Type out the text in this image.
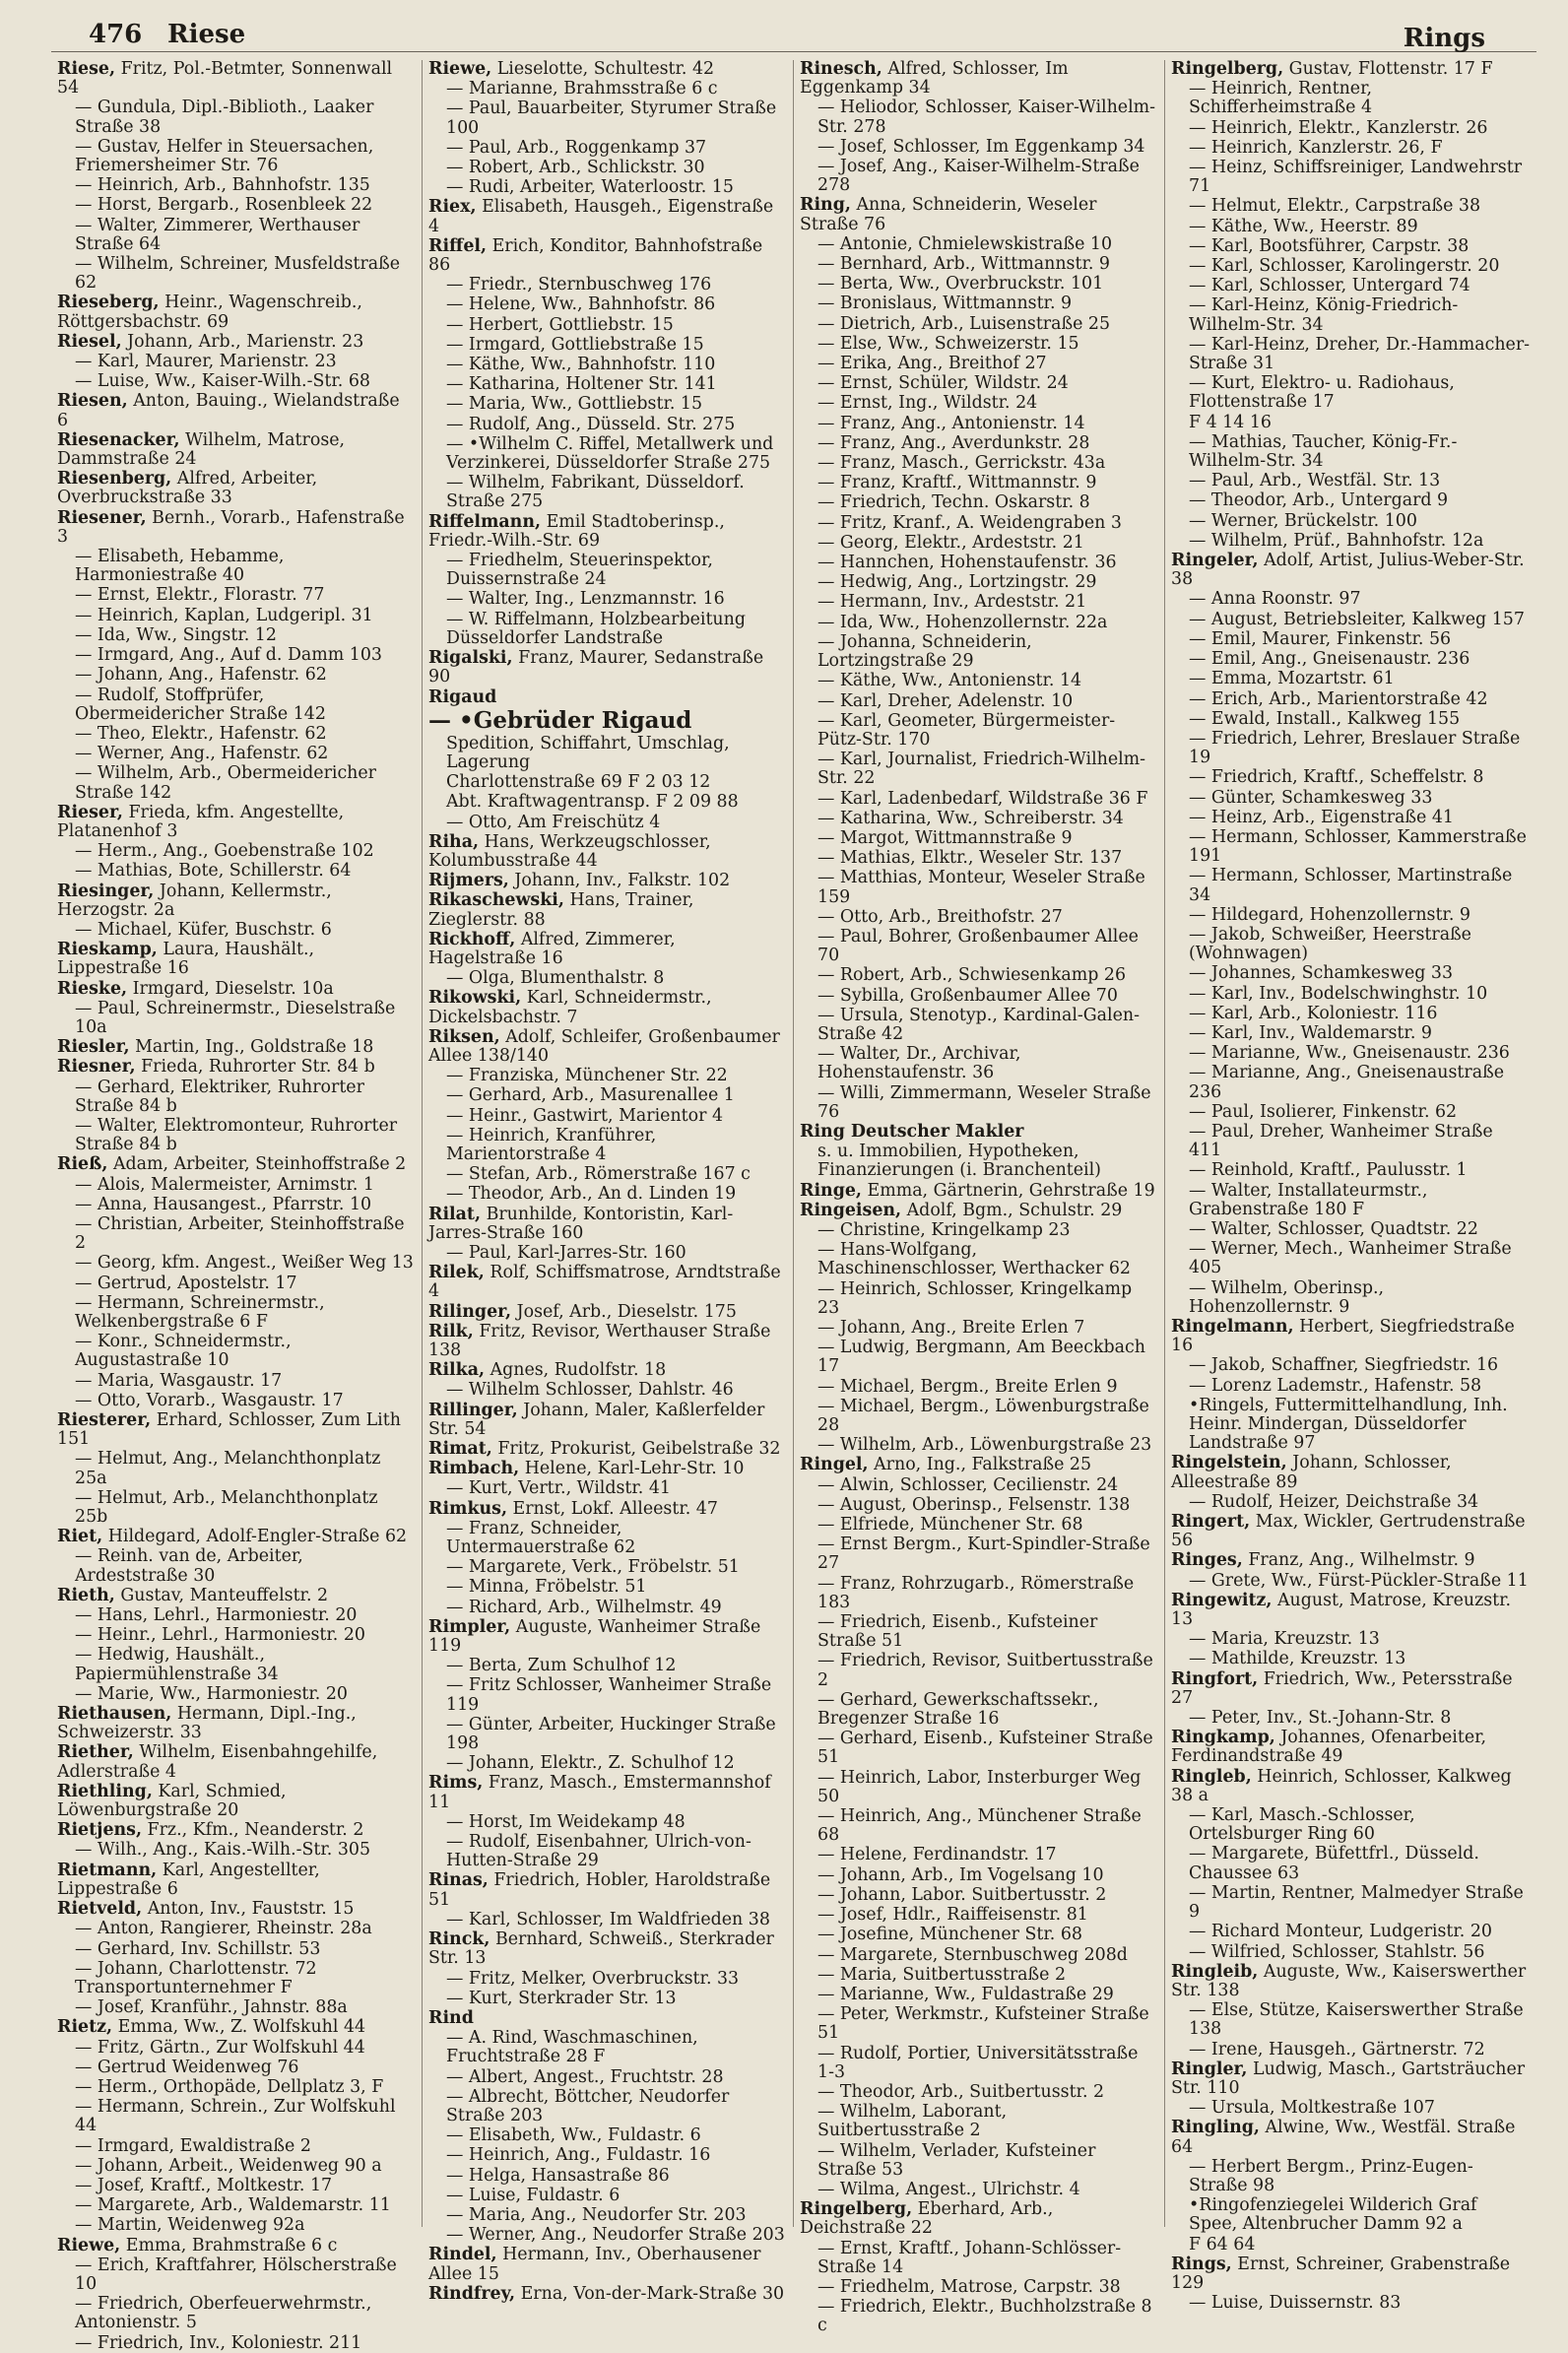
476 Riese	Rings
Riese, Fritz, Pol.-Betmter, Sonnenwall 54
— Gundula, Dipl.-Biblioth., Laaker Straße 38
— Gustav, Helfer in Steuersachen, Friemersheimer Str. 76
— Heinrich, Arb., Bahnhofstr. 135
— Horst, Bergarb., Rosenbleek 22
— Walter, Zimmerer, Werthauser Straße 64
— Wilhelm, Schreiner, Musfeldstraße 62
Rieseberg, Heinr., Wagenschreib., Röttgersbachstr. 69
Riesel, Johann, Arb., Marienstr. 23
— Karl, Maurer, Marienstr. 23
— Luise, Ww., Kaiser-Wilh.-Str. 68
Riesen, Anton, Bauing., Wielandstraße 6
Riesenacker, Wilhelm, Matrose, Dammstraße 24
Riesenberg, Alfred, Arbeiter, Overbruckstraße 33
Riesener, Bernh., Vorarb., Hafenstraße 3
— Elisabeth, Hebamme, Harmoniestraße 40
— Ernst, Elektr., Florastr. 77
— Heinrich, Kaplan, Ludgeripl. 31
— Ida, Ww., Singstr. 12
— Irmgard, Ang., Auf d. Damm 103
— Johann, Ang., Hafenstr. 62
— Rudolf, Stoffprüfer, Obermeidericher Straße 142
— Theo, Elektr., Hafenstr. 62
— Werner, Ang., Hafenstr. 62
— Wilhelm, Arb., Obermeidericher Straße 142
Rieser, Frieda, kfm. Angestellte, Platanenhof 3
— Herm., Ang., Goebenstraße 102
— Mathias, Bote, Schillerstr. 64
Riesinger, Johann, Kellermstr., Herzogstr. 2a
— Michael, Küfer, Buschstr. 6
Rieskamp, Laura, Haushält., Lippestraße 16
Rieske, Irmgard, Dieselstr. 10a
— Paul, Schreinermstr., Dieselstraße 10a
Riesler, Martin, Ing., Goldstraße 18
Riesner, Frieda, Ruhrorter Str. 84 b
— Gerhard, Elektriker, Ruhrorter Straße 84 b
— Walter, Elektromonteur, Ruhrorter Straße 84 b
Rieß, Adam, Arbeiter, Steinhoffstraße 2
— Alois, Malermeister, Arnimstr. 1
— Anna, Hausangest., Pfarrstr. 10
— Christian, Arbeiter, Steinhoffstraße 2
— Georg, kfm. Angest., Weißer Weg 13
— Gertrud, Apostelstr. 17
— Hermann, Schreinermstr., Welkenbergstraße 6 F
— Konr., Schneidermstr., Augustastraße 10
— Maria, Wasgaustr. 17
— Otto, Vorarb., Wasgaustr. 17
Riesterer, Erhard, Schlosser, Zum Lith 151
— Helmut, Ang., Melanchthonplatz 25a
— Helmut, Arb., Melanchthonplatz 25b
Riet, Hildegard, Adolf-Engler-Straße 62
— Reinh. van de, Arbeiter, Ardeststraße 30
Rieth, Gustav, Manteuffelstr. 2
— Hans, Lehrl., Harmoniestr. 20
— Heinr., Lehrl., Harmoniestr. 20
— Hedwig, Haushält., Papiermühlenstraße 34
— Marie, Ww., Harmoniestr. 20
Riethausen, Hermann, Dipl.-Ing., Schweizerstr. 33
Riether, Wilhelm, Eisenbahngehilfe, Adlerstraße 4
Riethling, Karl, Schmied, Löwenburgstraße 20
Rietjens, Frz., Kfm., Neanderstr. 2
— Wilh., Ang., Kais.-Wilh.-Str. 305
Rietmann, Karl, Angestellter, Lippestraße 6
Rietveld, Anton, Inv., Fauststr. 15
— Anton, Rangierer, Rheinstr. 28a
— Gerhard, Inv. Schillstr. 53
— Johann, Charlottenstr. 72 Transportunternehmer F
— Josef, Kranführ., Jahnstr. 88a
Rietz, Emma, Ww., Z. Wolfskuhl 44
— Fritz, Gärtn., Zur Wolfskuhl 44
— Gertrud Weidenweg 76
— Herm., Orthopäde, Dellplatz 3, F
— Hermann, Schrein., Zur Wolfskuhl 44
— Irmgard, Ewaldistraße 2
— Johann, Arbeit., Weidenweg 90 a
— Josef, Kraftf., Moltkestr. 17
— Margarete, Arb., Waldemarstr. 11
— Martin, Weidenweg 92a
Riewe, Emma, Brahmstraße 6 c
— Erich, Kraftfahrer, Hölscherstraße 10
— Friedrich, Oberfeuerwehrmstr., Antonienstr. 5
— Friedrich, Inv., Koloniestr. 211
Riewe, Lieselotte, Schultestr. 42
— Marianne, Brahmsstraße 6 c
— Paul, Bauarbeiter, Styrumer Straße 100
— Paul, Arb., Roggenkamp 37
— Robert, Arb., Schlickstr. 30
— Rudi, Arbeiter, Waterloostr. 15
Riex, Elisabeth, Hausgeh., Eigenstraße 4
Riffel, Erich, Konditor, Bahnhofstraße 86
— Friedr., Sternbuschweg 176
— Helene, Ww., Bahnhofstr. 86
— Herbert, Gottliebstr. 15
— Irmgard, Gottliebstraße 15
— Käthe, Ww., Bahnhofstr. 110
— Katharina, Holtener Str. 141
— Maria, Ww., Gottliebstr. 15
— Rudolf, Ang., Düsseld. Str. 275
— •Wilhelm C. Riffel, Metallwerk und Verzinkerei, Düsseldorfer Straße 275
— Wilhelm, Fabrikant, Düsseldorf. Straße 275
Riffelmann, Emil Stadtoberinsp., Friedr.-Wilh.-Str. 69
— Friedhelm, Steuerinspektor, Duissernstraße 24
— Walter, Ing., Lenzmannstr. 16
— W. Riffelmann, Holzbearbeitung Düsseldorfer Landstraße
Rigalski, Franz, Maurer, Sedanstraße 90
Rigaud
— •Gebrüder Rigaud
Spedition, Schiffahrt, Umschlag, Lagerung
Charlottenstraße 69 F 2 03 12
Abt. Kraftwagentransp. F 2 09 88
— Otto, Am Freischütz 4
Riha, Hans, Werkzeugschlosser, Kolumbusstraße 44
Rijmers, Johann, Inv., Falkstr. 102
Rikaschewski, Hans, Trainer, Zieglerstr. 88
Rickhoff, Alfred, Zimmerer, Hagelstraße 16
— Olga, Blumenthalstr. 8
Rikowski, Karl, Schneidermstr., Dickelsbachstr. 7
Riksen, Adolf, Schleifer, Großenbaumer Allee 138/140
— Franziska, Münchener Str. 22
— Gerhard, Arb., Masurenallee 1
— Heinr., Gastwirt, Marientor 4
— Heinrich, Kranführer, Marientorstraße 4
— Stefan, Arb., Römerstraße 167 c
— Theodor, Arb., An d. Linden 19
Rilat, Brunhilde, Kontoristin, Karl-Jarres-Straße 160
— Paul, Karl-Jarres-Str. 160
Rilek, Rolf, Schiffsmatrose, Arndtstraße 4
Rilinger, Josef, Arb., Dieselstr. 175
Rilk, Fritz, Revisor, Werthauser Straße 138
Rilka, Agnes, Rudolfstr. 18
— Wilhelm Schlosser, Dahlstr. 46
Rillinger, Johann, Maler, Kaßlerfelder Str. 54
Rimat, Fritz, Prokurist, Geibelstraße 32
Rimbach, Helene, Karl-Lehr-Str. 10
— Kurt, Vertr., Wildstr. 41
Rimkus, Ernst, Lokf. Alleestr. 47
— Franz, Schneider, Untermauerstraße 62
— Margarete, Verk., Fröbelstr. 51
— Minna, Fröbelstr. 51
— Richard, Arb., Wilhelmstr. 49
Rimpler, Auguste, Wanheimer Straße 119
— Berta, Zum Schulhof 12
— Fritz Schlosser, Wanheimer Straße 119
— Günter, Arbeiter, Huckinger Straße 198
— Johann, Elektr., Z. Schulhof 12
Rims, Franz, Masch., Emstermannshof 11
— Horst, Im Weidekamp 48
— Rudolf, Eisenbahner, Ulrich-von-Hutten-Straße 29
Rinas, Friedrich, Hobler, Haroldstraße 51
— Karl, Schlosser, Im Waldfrieden 38
Rinck, Bernhard, Schweiß., Sterkrader Str. 13
— Fritz, Melker, Overbruckstr. 33
— Kurt, Sterkrader Str. 13
Rind
— A. Rind, Waschmaschinen, Fruchtstraße 28 F
— Albert, Angest., Fruchtstr. 28
— Albrecht, Böttcher, Neudorfer Straße 203
— Elisabeth, Ww., Fuldastr. 6
— Heinrich, Ang., Fuldastr. 16
— Helga, Hansastraße 86
— Luise, Fuldastr. 6
— Maria, Ang., Neudorfer Str. 203
— Werner, Ang., Neudorfer Straße 203
Rindel, Hermann, Inv., Oberhausener Allee 15
Rindfrey, Erna, Von-der-Mark-Straße 30
Rinesch, Alfred, Schlosser, Im Eggenkamp 34
— Heliodor, Schlosser, Kaiser-Wilhelm-Str. 278
— Josef, Schlosser, Im Eggenkamp 34
— Josef, Ang., Kaiser-Wilhelm-Straße 278
Ring, Anna, Schneiderin, Weseler Straße 76
— Antonie, Chmielewskistraße 10
— Bernhard, Arb., Wittmannstr. 9
— Berta, Ww., Overbruckstr. 101
— Bronislaus, Wittmannstr. 9
— Dietrich, Arb., Luisenstraße 25
— Else, Ww., Schweizerstr. 15
— Erika, Ang., Breithof 27
— Ernst, Schüler, Wildstr. 24
— Ernst, Ing., Wildstr. 24
— Franz, Ang., Antonienstr. 14
— Franz, Ang., Averdunkstr. 28
— Franz, Masch., Gerrickstr. 43a
— Franz, Kraftf., Wittmannstr. 9
— Friedrich, Techn. Oskarstr. 8
— Fritz, Kranf., A. Weidengraben 3
— Georg, Elektr., Ardeststr. 21
— Hannchen, Hohenstaufenstr. 36
— Hedwig, Ang., Lortzingstr. 29
— Hermann, Inv., Ardeststr. 21
— Ida, Ww., Hohenzollernstr. 22a
— Johanna, Schneiderin, Lortzingstraße 29
— Käthe, Ww., Antonienstr. 14
— Karl, Dreher, Adelenstr. 10
— Karl, Geometer, Bürgermeister-Pütz-Str. 170
— Karl, Journalist, Friedrich-Wilhelm-Str. 22
— Karl, Ladenbedarf, Wildstraße 36 F
— Katharina, Ww., Schreiberstr. 34
— Margot, Wittmannstraße 9
— Mathias, Elktr., Weseler Str. 137
— Matthias, Monteur, Weseler Straße 159
— Otto, Arb., Breithofstr. 27
— Paul, Bohrer, Großenbaumer Allee 70
— Robert, Arb., Schwiesenkamp 26
— Sybilla, Großenbaumer Allee 70
— Ursula, Stenotyp., Kardinal-Galen-Straße 42
— Walter, Dr., Archivar, Hohenstaufenstr. 36
— Willi, Zimmermann, Weseler Straße 76
Ring Deutscher Makler
s. u. Immobilien, Hypotheken, Finanzierungen (i. Branchenteil)
Ringe, Emma, Gärtnerin, Gehrstraße 19
Ringeisen, Adolf, Bgm., Schulstr. 29
— Christine, Kringelkamp 23
— Hans-Wolfgang, Maschinenschlosser, Werthacker 62
— Heinrich, Schlosser, Kringelkamp 23
— Johann, Ang., Breite Erlen 7
— Ludwig, Bergmann, Am Beeckbach 17
— Michael, Bergm., Breite Erlen 9
— Michael, Bergm., Löwenburgstraße 28
— Wilhelm, Arb., Löwenburgstraße 23
Ringel, Arno, Ing., Falkstraße 25
— Alwin, Schlosser, Cecilienstr. 24
— August, Oberinsp., Felsenstr. 138
— Elfriede, Münchener Str. 68
— Ernst Bergm., Kurt-Spindler-Straße 27
— Franz, Rohrzugarb., Römerstraße 183
— Friedrich, Eisenb., Kufsteiner Straße 51
— Friedrich, Revisor, Suitbertusstraße 2
— Gerhard, Gewerkschaftssekr., Bregenzer Straße 16
— Gerhard, Eisenb., Kufsteiner Straße 51
— Heinrich, Labor, Insterburger Weg 50
— Heinrich, Ang., Münchener Straße 68
— Helene, Ferdinandstr. 17
— Johann, Arb., Im Vogelsang 10
— Johann, Labor. Suitbertusstr. 2
— Josef, Hdlr., Raiffeisenstr. 81
— Josefine, Münchener Str. 68
— Margarete, Sternbuschweg 208d
— Maria, Suitbertusstraße 2
— Marianne, Ww., Fuldastraße 29
— Peter, Werkmstr., Kufsteiner Straße 51
— Rudolf, Portier, Universitätsstraße 1-3
— Theodor, Arb., Suitbertusstr. 2
— Wilhelm, Laborant, Suitbertusstraße 2
— Wilhelm, Verlader, Kufsteiner Straße 53
— Wilma, Angest., Ulrichstr. 4
Ringelberg, Eberhard, Arb., Deichstraße 22
— Ernst, Kraftf., Johann-Schlösser-Straße 14
— Friedhelm, Matrose, Carpstr. 38
— Friedrich, Elektr., Buchholzstraße 8 c
Ringelberg, Gustav, Flottenstr. 17 F
— Heinrich, Rentner, Schifferheimstraße 4
— Heinrich, Elektr., Kanzlerstr. 26
— Heinrich, Kanzlerstr. 26, F
— Heinz, Schiffsreiniger, Landwehrstr 71
— Helmut, Elektr., Carpstraße 38
— Käthe, Ww., Heerstr. 89
— Karl, Bootsführer, Carpstr. 38
— Karl, Schlosser, Karolingerstr. 20
— Karl, Schlosser, Untergard 74
— Karl-Heinz, König-Friedrich-Wilhelm-Str. 34
— Karl-Heinz, Dreher, Dr.-Hammacher-Straße 31
— Kurt, Elektro- u. Radiohaus, Flottenstraße 17
F 4 14 16
— Mathias, Taucher, König-Fr.-Wilhelm-Str. 34
— Paul, Arb., Westfäl. Str. 13
— Theodor, Arb., Untergard 9
— Werner, Brückelstr. 100
— Wilhelm, Prüf., Bahnhofstr. 12a
Ringeler, Adolf, Artist, Julius-Weber-Str. 38
— Anna Roonstr. 97
— August, Betriebsleiter, Kalkweg 157
— Emil, Maurer, Finkenstr. 56
— Emil, Ang., Gneisenaustr. 236
— Emma, Mozartstr. 61
— Erich, Arb., Marientorstraße 42
— Ewald, Install., Kalkweg 155
— Friedrich, Lehrer, Breslauer Straße 19
— Friedrich, Kraftf., Scheffelstr. 8
— Günter, Schamkesweg 33
— Heinz, Arb., Eigenstraße 41
— Hermann, Schlosser, Kammerstraße 191
— Hermann, Schlosser, Martinstraße 34
— Hildegard, Hohenzollernstr. 9
— Jakob, Schweißer, Heerstraße (Wohnwagen)
— Johannes, Schamkesweg 33
— Karl, Inv., Bodelschwinghstr. 10
— Karl, Arb., Koloniestr. 116
— Karl, Inv., Waldemarstr. 9
— Marianne, Ww., Gneisenaustr. 236
— Marianne, Ang., Gneisenaustraße 236
— Paul, Isolierer, Finkenstr. 62
— Paul, Dreher, Wanheimer Straße 411
— Reinhold, Kraftf., Paulusstr. 1
— Walter, Installateurmstr., Grabenstraße 180 F
— Walter, Schlosser, Quadtstr. 22
— Werner, Mech., Wanheimer Straße 405
— Wilhelm, Oberinsp., Hohenzollernstr. 9
Ringelmann, Herbert, Siegfriedstraße 16
— Jakob, Schaffner, Siegfriedstr. 16
— Lorenz Lademstr., Hafenstr. 58
•Ringels, Futtermittelhandlung, Inh. Heinr. Mindergan, Düsseldorfer Landstraße 97
Ringelstein, Johann, Schlosser, Alleestraße 89
— Rudolf, Heizer, Deichstraße 34
Ringert, Max, Wickler, Gertrudenstraße 56
Ringes, Franz, Ang., Wilhelmstr. 9
— Grete, Ww., Fürst-Pückler-Straße 11
Ringewitz, August, Matrose, Kreuzstr. 13
— Maria, Kreuzstr. 13
— Mathilde, Kreuzstr. 13
Ringfort, Friedrich, Ww., Petersstraße 27
— Peter, Inv., St.-Johann-Str. 8
Ringkamp, Johannes, Ofenarbeiter, Ferdinandstraße 49
Ringleb, Heinrich, Schlosser, Kalkweg 38 a
— Karl, Masch.-Schlosser, Ortelsburger Ring 60
— Margarete, Büfettfrl., Düsseld. Chaussee 63
— Martin, Rentner, Malmedyer Straße 9
— Richard Monteur, Ludgeristr. 20
— Wilfried, Schlosser, Stahlstr. 56
Ringleib, Auguste, Ww., Kaiserswerther Str. 138
— Else, Stütze, Kaiserswerther Straße 138
— Irene, Hausgeh., Gärtnerstr. 72
Ringler, Ludwig, Masch., Gartsträucher Str. 110
— Ursula, Moltkestraße 107
Ringling, Alwine, Ww., Westfäl. Straße 64
— Herbert Bergm., Prinz-Eugen-Straße 98
•Ringofenziegelei Wilderich Graf Spee, Altenbrucher Damm 92 a
F 64 64
Rings, Ernst, Schreiner, Grabenstraße 129
— Luise, Duissernstr. 83
